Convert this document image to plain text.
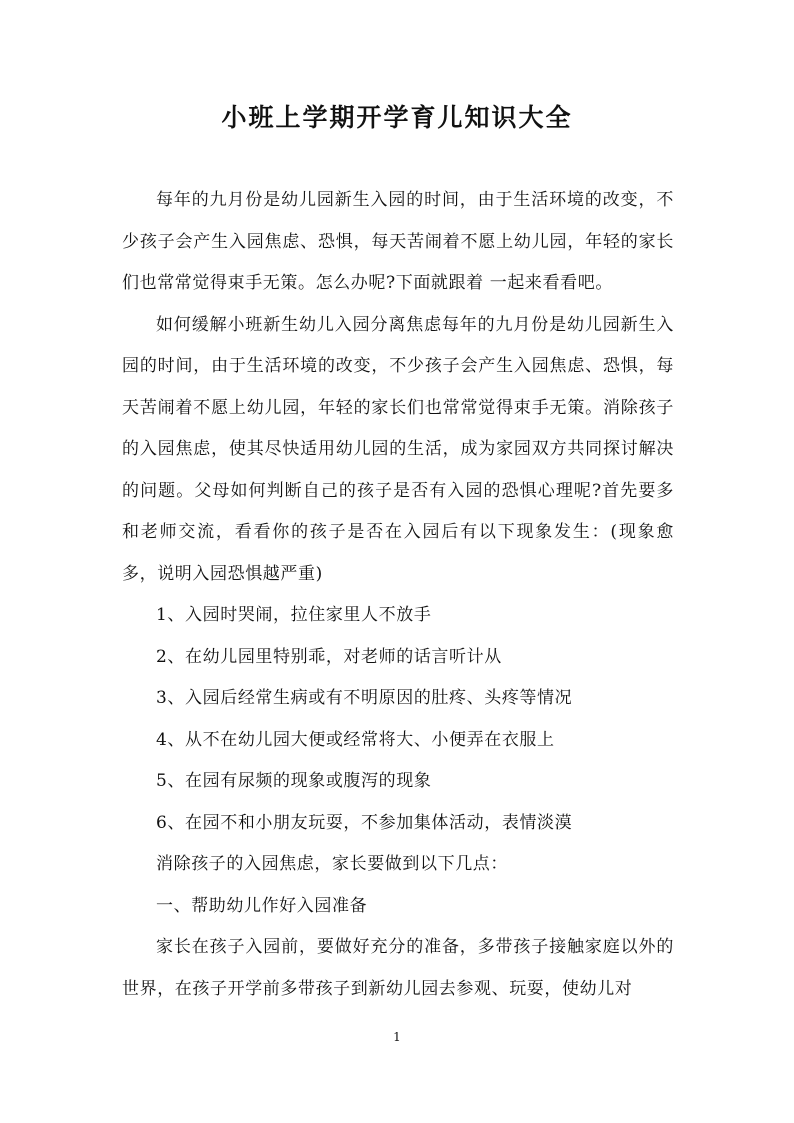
小班上学期开学育儿知识大全

每年的九月份是幼儿园新生入园的时间，由于生活环境的改变，不少孩子会产生入园焦虑、恐惧，每天苦闹着不愿上幼儿园，年轻的家长们也常常觉得束手无策。怎么办呢?下面就跟着 一起来看看吧。

如何缓解小班新生幼儿入园分离焦虑每年的九月份是幼儿园新生入园的时间，由于生活环境的改变，不少孩子会产生入园焦虑、恐惧，每天苦闹着不愿上幼儿园，年轻的家长们也常常觉得束手无策。消除孩子的入园焦虑，使其尽快适用幼儿园的生活，成为家园双方共同探讨解决的问题。父母如何判断自己的孩子是否有入园的恐惧心理呢?首先要多和老师交流，看看你的孩子是否在入园后有以下现象发生：(现象愈多，说明入园恐惧越严重)

1、入园时哭闹，拉住家里人不放手

2、在幼儿园里特别乖，对老师的话言听计从

3、入园后经常生病或有不明原因的肚疼、头疼等情况

4、从不在幼儿园大便或经常将大、小便弄在衣服上

5、在园有尿频的现象或腹泻的现象

6、在园不和小朋友玩耍，不参加集体活动，表情淡漠

消除孩子的入园焦虑，家长要做到以下几点：

一、帮助幼儿作好入园准备

家长在孩子入园前，要做好充分的准备，多带孩子接触家庭以外的世界，在孩子开学前多带孩子到新幼儿园去参观、玩耍，使幼儿对

1
